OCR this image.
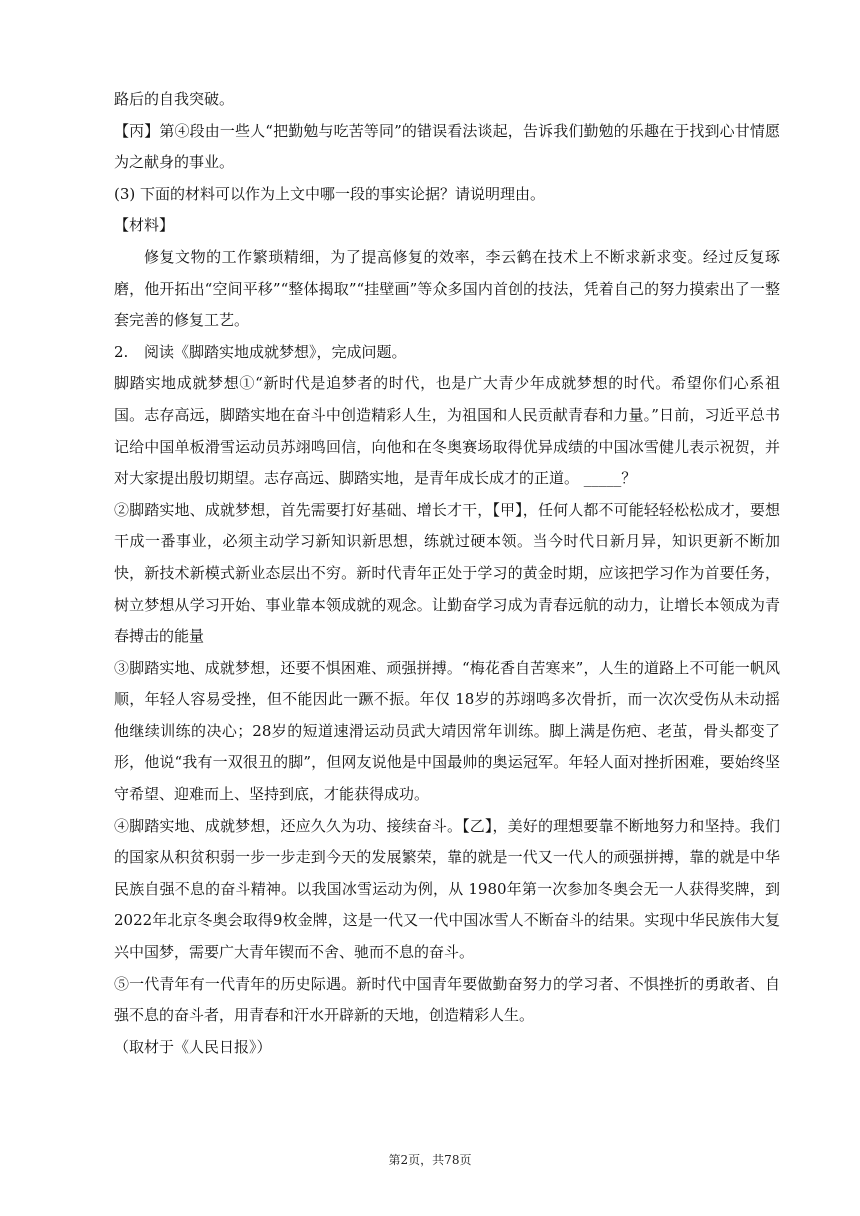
路后的自我突破。

【丙】第④段由一些人“把勤勉与吃苦等同”的错误看法谈起，告诉我们勤勉的乐趣在于找到心甘情愿为之献身的事业。

(3) 下面的材料可以作为上文中哪一段的事实论据？请说明理由。

【材料】

修复文物的工作繁琐精细，为了提高修复的效率，李云鹤在技术上不断求新求变。经过反复琢磨，他开拓出“空间平移”“整体揭取”“挂壁画”等众多国内首创的技法，凭着自己的努力摸索出了一整套完善的修复工艺。

2.	阅读《脚踏实地成就梦想》，完成问题。

脚踏实地成就梦想①“新时代是追梦者的时代，也是广大青少年成就梦想的时代。希望你们心系祖国。志存高远，脚踏实地在奋斗中创造精彩人生，为祖国和人民贡献青春和力量。”日前，习近平总书记给中国单板滑雪运动员苏翊鸣回信，向他和在冬奥赛场取得优异成绩的中国冰雪健儿表示祝贺，并对大家提出殷切期望。志存高远、脚踏实地，是青年成长成才的正道。 _____？

②脚踏实地、成就梦想，首先需要打好基础、增长才干，【甲】，任何人都不可能轻轻松松成才，要想干成一番事业，必须主动学习新知识新思想，练就过硬本领。当今时代日新月异，知识更新不断加快，新技术新模式新业态层出不穷。新时代青年正处于学习的黄金时期，应该把学习作为首要任务，树立梦想从学习开始、事业靠本领成就的观念。让勤奋学习成为青春远航的动力，让增长本领成为青春搏击的能量

③脚踏实地、成就梦想，还要不惧困难、顽强拼搏。“梅花香自苦寒来”，人生的道路上不可能一帆风顺，年轻人容易受挫，但不能因此一蹶不振。年仅 18岁的苏翊鸣多次骨折，而一次次受伤从未动摇他继续训练的决心；28岁的短道速滑运动员武大靖因常年训练。脚上满是伤疤、老茧，骨头都变了形，他说“我有一双很丑的脚”，但网友说他是中国最帅的奥运冠军。年轻人面对挫折困难，要始终坚守希望、迎难而上、坚持到底，才能获得成功。

④脚踏实地、成就梦想，还应久久为功、接续奋斗。【乙】，美好的理想要靠不断地努力和坚持。我们的国家从积贫积弱一步一步走到今天的发展繁荣，靠的就是一代又一代人的顽强拼搏，靠的就是中华民族自强不息的奋斗精神。以我国冰雪运动为例，从 1980年第一次参加冬奥会无一人获得奖牌，到2022年北京冬奥会取得9枚金牌，这是一代又一代中国冰雪人不断奋斗的结果。实现中华民族伟大复兴中国梦，需要广大青年锲而不舍、驰而不息的奋斗。

⑤一代青年有一代青年的历史际遇。新时代中国青年要做勤奋努力的学习者、不惧挫折的勇敢者、自强不息的奋斗者，用青春和汗水开辟新的天地，创造精彩人生。

（取材于《人民日报》）

第2页，共78页
